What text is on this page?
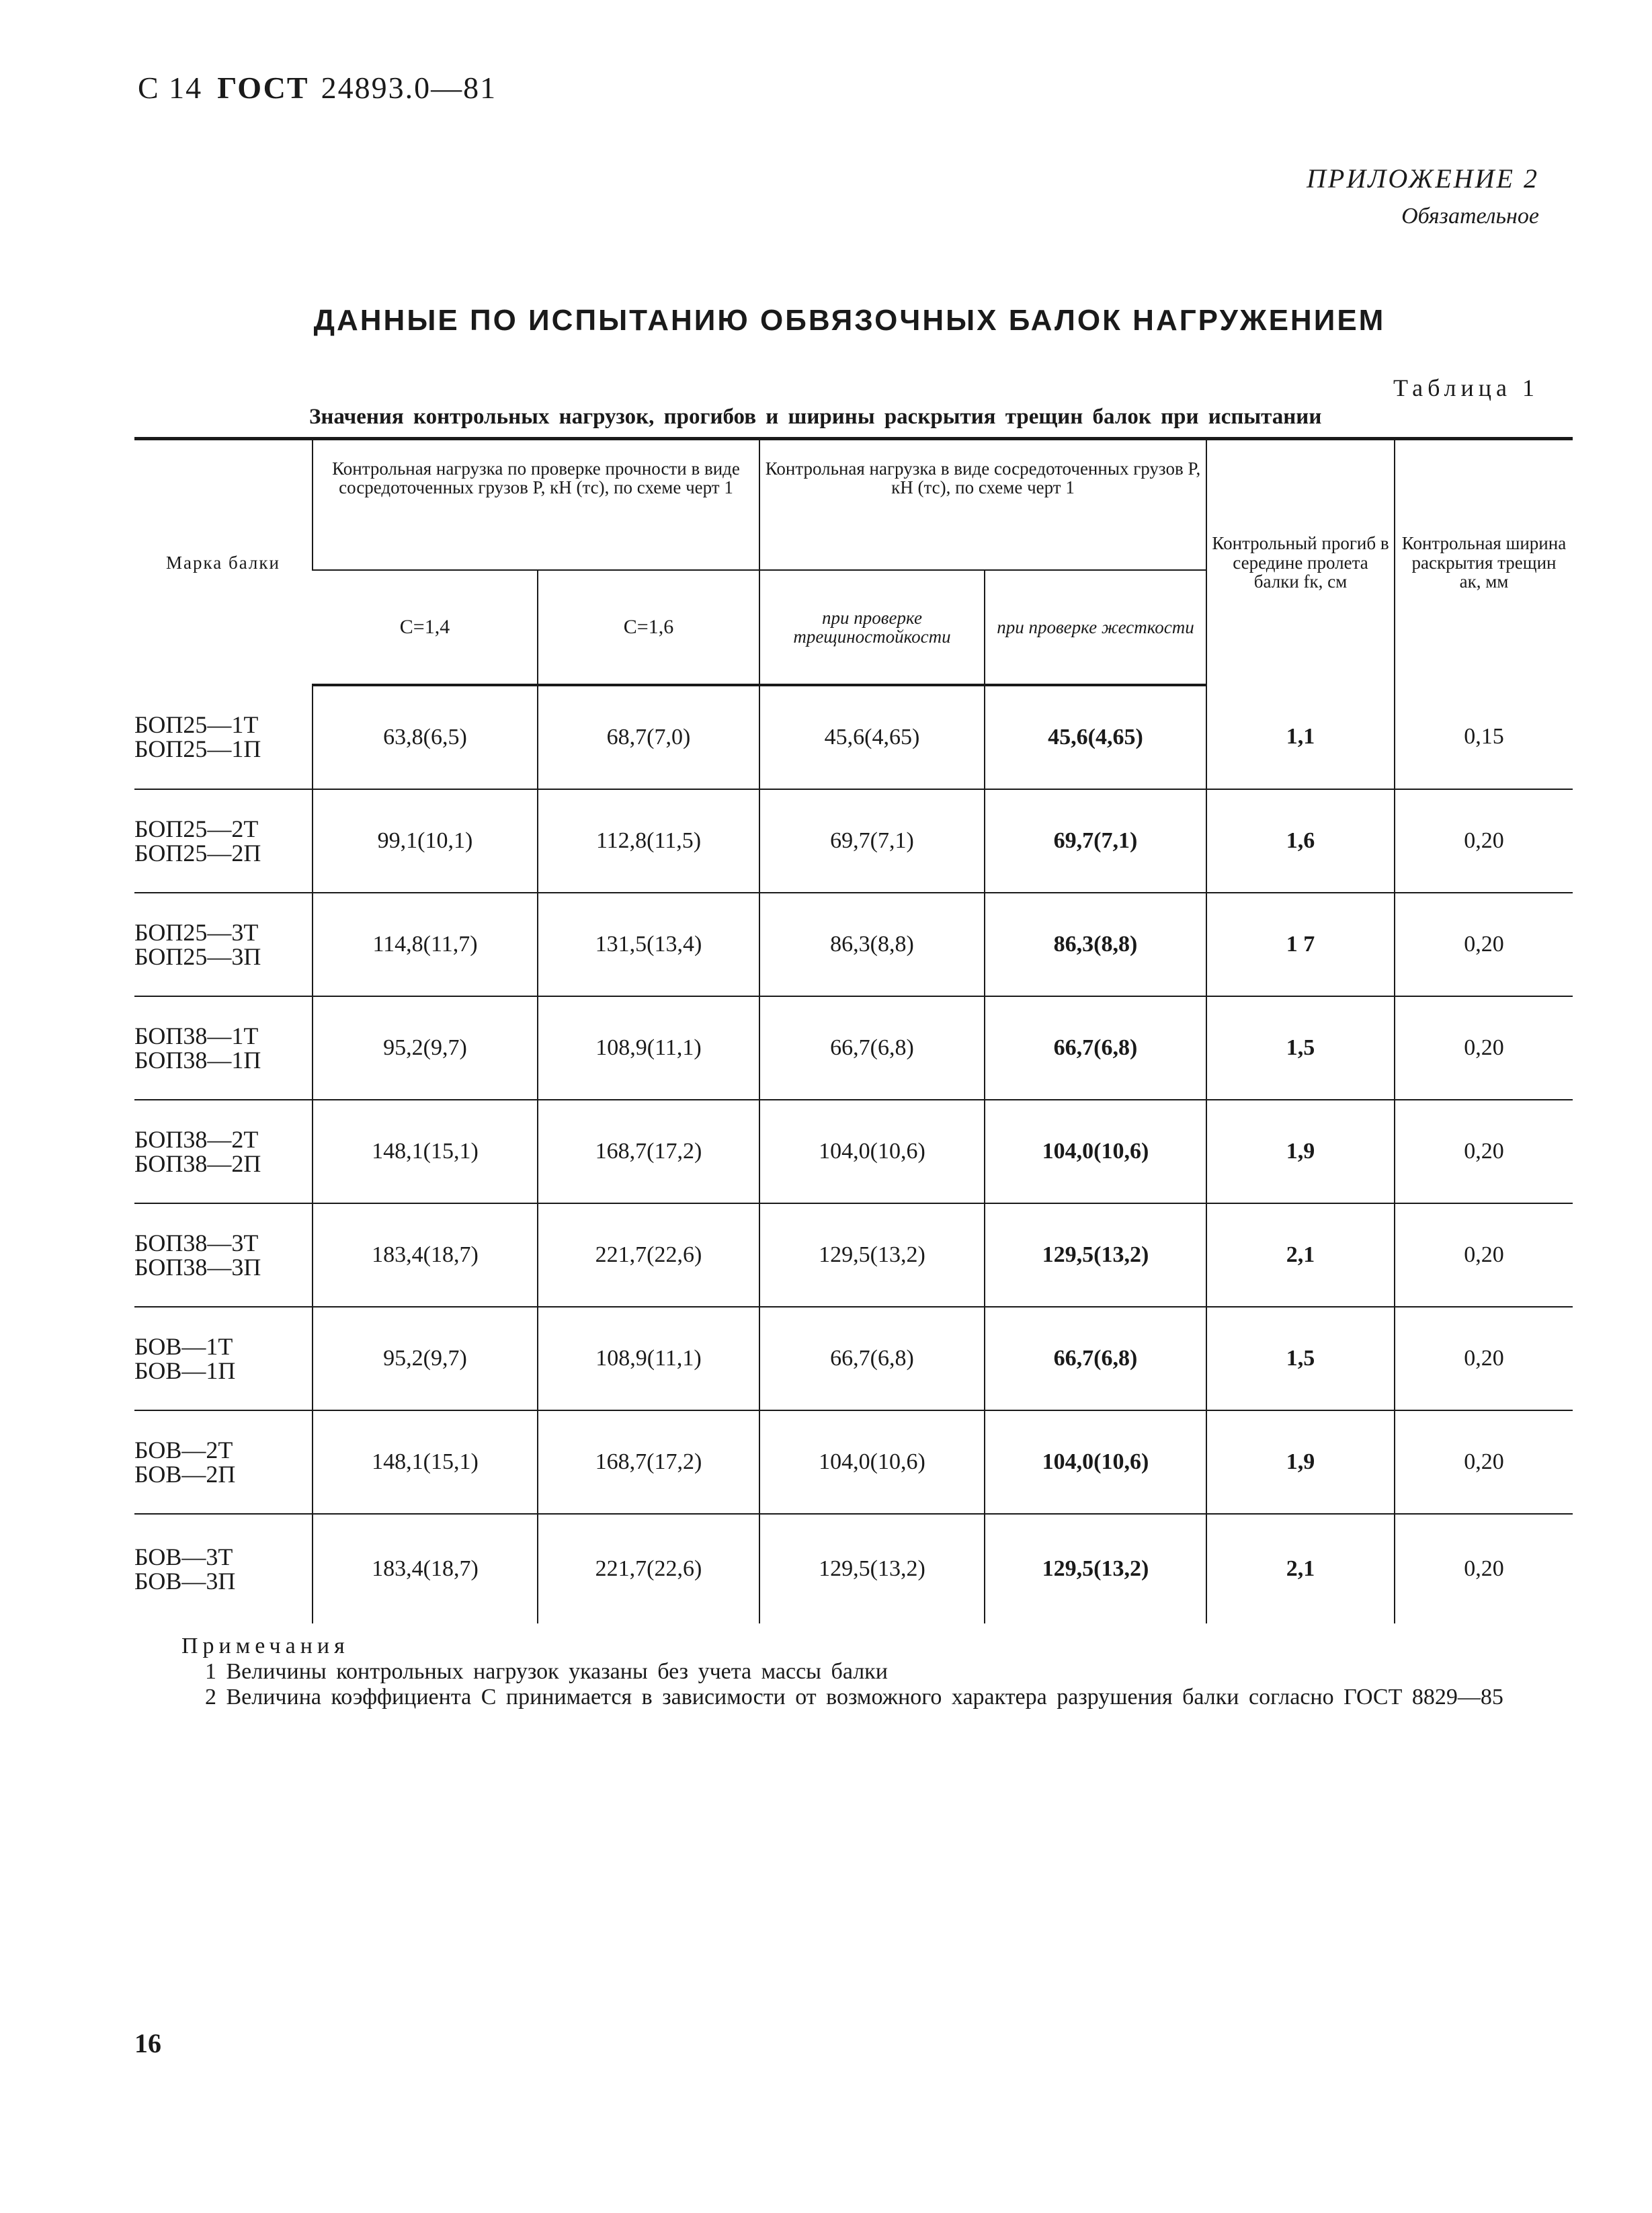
С 14 ГОСТ 24893.0—81
ПРИЛОЖЕНИЕ 2
Обязательное
ДАННЫЕ ПО ИСПЫТАНИЮ ОБВЯЗОЧНЫХ БАЛОК НАГРУЖЕНИЕМ
Таблица 1
Значения контрольных нагрузок, прогибов и ширины раскрытия трещин балок при испытании
Марка балки	Контрольная нагрузка по проверке прочности в виде сосредоточенных грузов P, кН (тс), по схеме черт 1		Контрольная нагрузка в виде сосредоточенных грузов P, кН (тс), по схеме черт 1		Контрольный прогиб в середине пролета балки fк, см	Контрольная ширина раскрытия трещин aк, мм
	C=1,4	C=1,6	при проверке трещиностойкости	при проверке жесткости		

БОП25—1Т
БОП25—1П	63,8(6,5)	68,7(7,0)	45,6(4,65)	45,6(4,65)	1,1	0,15

БОП25—2Т
БОП25—2П	99,1(10,1)	112,8(11,5)	69,7(7,1)	69,7(7,1)	1,6	0,20

БОП25—3Т
БОП25—3П	114,8(11,7)	131,5(13,4)	86,3(8,8)	86,3(8,8)	1 7	0,20

БОП38—1Т
БОП38—1П	95,2(9,7)	108,9(11,1)	66,7(6,8)	66,7(6,8)	1,5	0,20

БОП38—2Т
БОП38—2П	148,1(15,1)	168,7(17,2)	104,0(10,6)	104,0(10,6)	1,9	0,20

БОП38—3Т
БОП38—3П	183,4(18,7)	221,7(22,6)	129,5(13,2)	129,5(13,2)	2,1	0,20

БОВ—1Т
БОВ—1П	95,2(9,7)	108,9(11,1)	66,7(6,8)	66,7(6,8)	1,5	0,20

БОВ—2Т
БОВ—2П	148,1(15,1)	168,7(17,2)	104,0(10,6)	104,0(10,6)	1,9	0,20

БОВ—3Т
БОВ—3П	183,4(18,7)	221,7(22,6)	129,5(13,2)	129,5(13,2)	2,1	0,20
Примечания
1 Величины контрольных нагрузок указаны без учета массы балки
2 Величина коэффициента C принимается в зависимости от возможного характера разрушения балки согласно ГОСТ 8829—85
16
